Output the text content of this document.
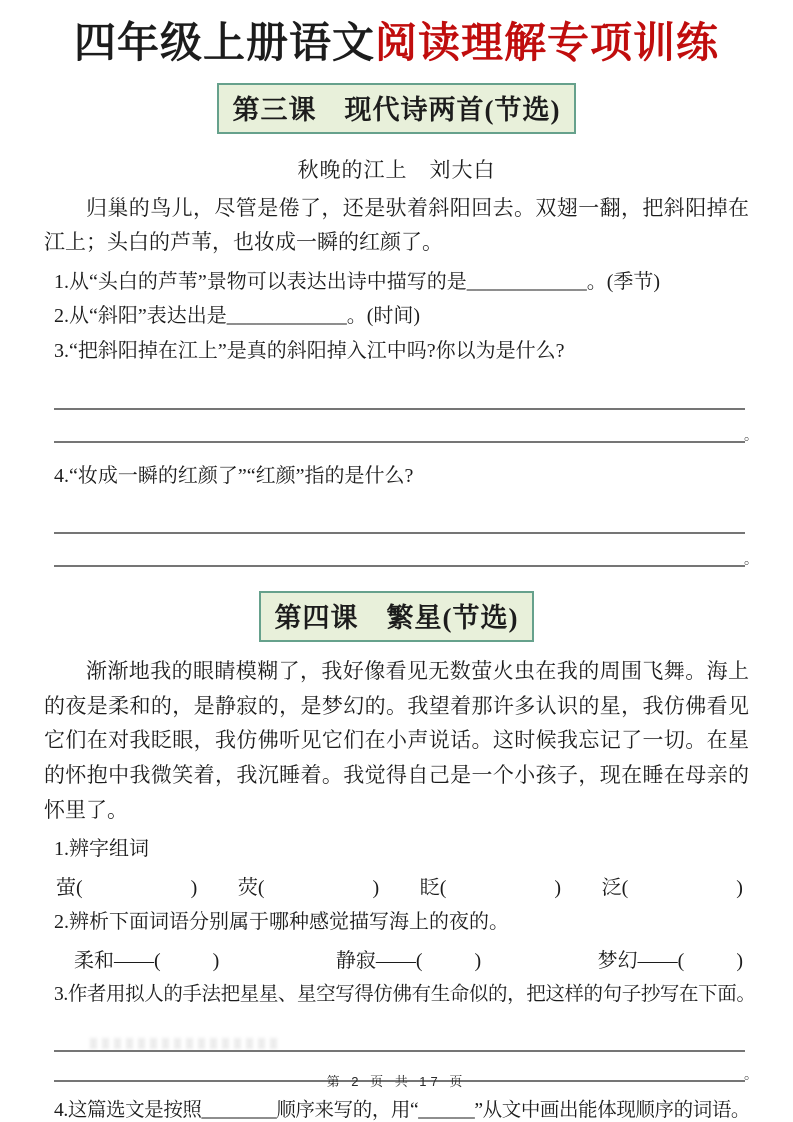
四年级上册语文阅读理解专项训练
第三课　现代诗两首(节选)
秋晚的江上　刘大白

归巢的鸟儿，尽管是倦了，还是驮着斜阳回去。双翅一翻，把斜阳掉在江上；头白的芦苇，也妆成一瞬的红颜了。

1.从“头白的芦苇”景物可以表达出诗中描写的是____________。(季节)
2.从“斜阳”表达出是____________。(时间)
3.“把斜阳掉在江上”是真的斜阳掉入江中吗?你以为是什么?
。
4.“妆成一瞬的红颜了”“红颜”指的是什么?
。
第四课　繁星(节选)

渐渐地我的眼睛模糊了，我好像看见无数萤火虫在我的周围飞舞。海上的夜是柔和的，是静寂的，是梦幻的。我望着那许多认识的星，我仿佛看见它们在对我眨眼，我仿佛听见它们在小声说话。这时候我忘记了一切。在星的怀抱中我微笑着，我沉睡着。我觉得自己是一个小孩子，现在睡在母亲的怀里了。

1.辨字组词
萤(	) 荧(	) 眨(	) 泛(	)
2.辨析下面词语分别属于哪种感觉描写海上的夜的。
柔和——(	)	静寂——(	)	梦幻——(	)
3.作者用拟人的手法把星星、星空写得仿佛有生命似的，把这样的句子抄写在下面。
。
4.这篇选文是按照________顺序来写的，用“______”从文中画出能体现顺序的词语。
第 2 页 共 17 页
